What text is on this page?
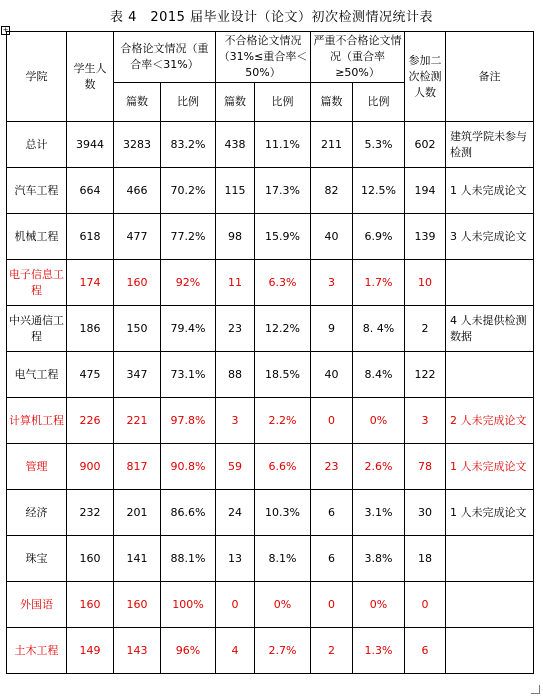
表 4　2015 届毕业设计（论文）初次检测情况统计表
+
学院	学生人数	合格论文情况（重合率＜31%）		不合格论文情况（31%≤重合率＜50%）		严重不合格论文情况（重合率 ≥50%）		参加二次检测人数	备注
		篇数	比例	篇数	比例	篇数	比例		
总计	3944	3283	83.2%	438	11.1%	211	5.3%	602	建筑学院未参与检测
汽车工程	664	466	70.2%	115	17.3%	82	12.5%	194	1 人未完成论文
机械工程	618	477	77.2%	98	15.9%	40	6.9%	139	3 人未完成论文
电子信息工程	174	160	92%	11	6.3%	3	1.7%	10	
中兴通信工程	186	150	79.4%	23	12.2%	9	8. 4%	2	4 人未提供检测数据
电气工程	475	347	73.1%	88	18.5%	40	8.4%	122	
计算机工程	226	221	97.8%	3	2.2%	0	0%	3	2 人未完成论文
管理	900	817	90.8%	59	6.6%	23	2.6%	78	1 人未完成论文
经济	232	201	86.6%	24	10.3%	6	3.1%	30	1 人未完成论文
珠宝	160	141	88.1%	13	8.1%	6	3.8%	18	
外国语	160	160	100%	0	0%	0	0%	0	
土木工程	149	143	96%	4	2.7%	2	1.3%	6	
